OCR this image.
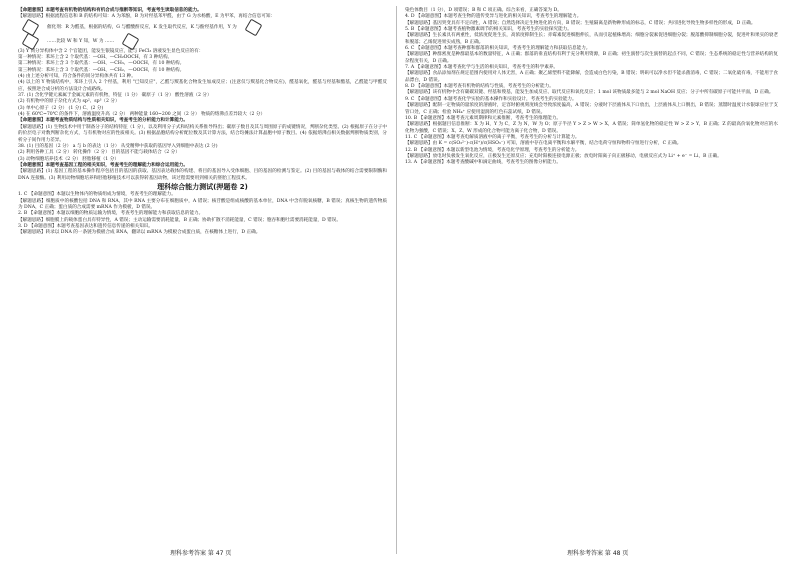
【命题意图】本题考查有机物的结构和有机合成与推断等知识，考查考生读取信息的能力。

【解题思路】根据流程信息和 B 的结构可知：A 为苯酚，B 为对羟基苯甲醛，由于 G 为水杨酸，E 为甲苯，再结合信息可知：

催化剂：R 为醛基，根据的结构，G 与醋酸酐反应，K 发生取代反应，K 与酚羟基作用，Y 为
……比较 W 和 Y 知，W 为 ……

(3) Y 同分异构体中含 2 个官能团，能发生银镜反应，能与 FeCl₃ 溶液发生显色反应的有：

第一种情况：苯环上含 2 个取代基：—OH、—CH₂OOCH，有 3 种结构。

第二种情况：苯环上含 3 个取代基：—OH、—CH₃、—OOCH，有 10 种结构。

第三种情况：苯环上含 3 个取代基：—OH、—CH₂、—OOCH，有 10 种结构。

(4) 由上述分析可知，符合条件的同分异构体共有 13 种。

(4) 以上的 Y 物质结构中，苯环上引入 2 个羟基，利用 "已知反应"，乙醛与羰基化合物发生加成反应；(注意仅与羰基化合物反应)，醛基氧化，醛基与羟基和酯基，乙醛能与甲醛反应，按照逆合成分析的方法设计合成路线。

37. (1) 含化学键元素属于金属元素的有机物，特征（1 分） 碳原子（1 分） 酸性溶液（2 分）

(2) 有机物中的原子杂化方式为 sp²、sp³（2 分）

(3) 单中心原子（2 分） (1 分) C、(2 分)

(4) 在 60℃~70℃ 的条件下，溶液温度升高（2 分） 两种能量 160~200 之间（2 分） 物质的熔沸点差异较大（2 分）

【命题意图】本题考查物质结构与性质相关知识，考查考生的分析能力和计算能力。

【解题思路】(1) 生物技术中用于制备分子的结构特征（1 分），以及利用分子式和结构关系推导得出；碳原子数目及其与周围原子的成键情况，判断杂化类型。(2) 根据原子在分子中的价层电子对数判断杂化方式，与有机物对应的性质相关。(3) 根据晶胞结构分析配位数及其计算方法，结合均摊法计算晶胞中原子数目。(4) 依据熔沸点相关数据判断物质类别，分析分子间作用力差异。

38. (1) 目的基因（2 分） a 与 b 的表达（1 分） 从受精卵中获取的基因导入到细胞中表达 (2 分)

(2) 利用各种工具（2 分） 转化操作（2 分） 目的基因不能与载体结合（2 分）

(3) 动物细胞培养技术（2 分） 胚胎移植（1 分）

【命题意图】本题考查基因工程的相关知识，考查考生的理解能力和综合运用能力。

【解题思路】(1) 基因工程的基本操作程序包括目的基因的获取、基因表达载体的构建、将目的基因导入受体细胞、目的基因的检测与鉴定。(2) 目的基因与载体的结合需要限制酶和 DNA 连接酶。(3) 利用动物细胞培养和胚胎移植技术可以获得转基因动物，该过程需要用到相关的胚胎工程技术。

理科综合能力测试(押题卷 2)

1. C 【命题意图】本题以生物体内的物质组成为情境，考查考生的理解能力。

【解题思路】细胞质中的核酸包括 DNA 和 RNA，其中 RNA 主要分布在细胞质中，A 错误；核苷酸是组成核酸的基本单位，DNA 中含有脱氧核糖，B 错误；真核生物的遗传物质为 DNA，C 正确；蛋白质的合成需要 mRNA 作为模板，D 错误。

2. B 【命题意图】本题以细胞的物质运输为情境，考查考生的理解能力和获取信息的能力。

【解题思路】细胞膜上的载体蛋白具有特异性，A 错误；主动运输需要消耗能量，B 正确；协助扩散不消耗能量，C 错误；胞吞和胞吐需要消耗能量，D 错误。

3. D 【命题意图】本题考查基因表达和遗传信息传递的相关知识。

【解题思路】转录以 DNA 的一条链为模板合成 RNA，翻译以 mRNA 为模板合成蛋白质，在核糖体上进行，D 正确。

理科参考答案 第 47 页

染色体数目（1 分），D 项错误；B 和 C 项正确。综合来看，正确答案为 D。

4. D 【命题意图】本题考查生物的遗传变异与进化的相关知识，考查考生的理解能力。

【解题思路】基因突变具有不定向性，A 错误；自然选择决定生物进化的方向，B 错误；生殖隔离是新物种形成的标志，C 错误；共同进化导致生物多样性的形成，D 正确。

5. B 【命题意图】本题考查植物激素调节的相关知识，考查考生的实验探究能力。

【解题思路】生长素具有两重性，低浓度促进生长，高浓度抑制生长；赤霉素促进细胞伸长，从而引起植株增高；细胞分裂素促进细胞分裂；脱落酸抑制细胞分裂，促进叶和果实的衰老和脱落；乙烯促进果实成熟，B 正确。

6. C 【命题意图】本题考查种群和群落的相关知识，考查考生的理解能力和获取信息能力。

【解题思路】种群密度是种群最基本的数量特征，A 正确；群落的垂直结构有利于充分利用资源，B 正确；初生演替与次生演替的起点不同，C 错误；生态系统的稳定性与营养结构的复杂程度有关，D 正确。

7. A 【命题意图】本题考查化学与生活的相关知识，考查考生的科学素养。

【解题思路】食品添加剂在规定范围内使用对人体无害，A 正确；聚乙烯塑料不能降解，会造成白色污染，B 错误；明矾可以净水但不能杀菌消毒，C 错误；二氧化硫有毒，不能用于食品漂白，D 错误。

8. D 【命题意图】本题考查有机物的结构与性质，考查考生的分析能力。

【解题思路】该有机物中含有碳碳双键、羟基和羧基，能发生加成反应、取代反应和氧化反应；1 mol 该物质最多能与 2 mol NaOH 反应；分子中所有碳原子可能共平面，D 正确。

9. C 【命题意图】本题考查化学实验的基本操作和实验设计，考查考生的实验能力。

【解题思路】配制一定物质的量浓度的溶液时，定容时俯视刻度线会导致浓度偏高，A 错误；分液时下层液体从下口放出，上层液体从上口倒出，B 错误；蒸馏时温度计水银球应位于支管口处，C 正确；检验 NH₄⁺ 应使用湿润的红色石蕊试纸，D 错误。

10. B 【命题意图】本题考查元素周期律和元素推断，考查考生的推理能力。

【解题思路】根据题目信息推断：X 为 H，Y 为 C，Z 为 N，W 为 O；原子半径 Y > Z > W > X，A 错误；简单氢化物的稳定性 W > Z > Y，B 正确；Z 的最高价氧化物对应的水化物为强酸，C 错误；X、Z、W 形成的化合物可能为离子化合物，D 错误。

11. C 【命题意图】本题考查电解质溶液中的离子平衡，考查考生的分析与计算能力。

【解题思路】由 K = c(SO₃²⁻)·c(H⁺)/c(HSO₃⁻) 可知，溶液中存在电离平衡和水解平衡，结合电荷守恒和物料守恒进行分析，C 正确。

12. B 【命题意图】本题以新型电池为情境，考查电化学原理，考查考生的分析能力。

【解题思路】放电时负极发生氧化反应，正极发生还原反应；充电时阳极连接电源正极；放电时阳离子向正极移动，电极反应式为 Li⁺ + e⁻ = Li，B 正确。

13. A 【命题意图】本题考查酸碱中和滴定曲线，考查考生的图像分析能力。

理科参考答案 第 48 页
